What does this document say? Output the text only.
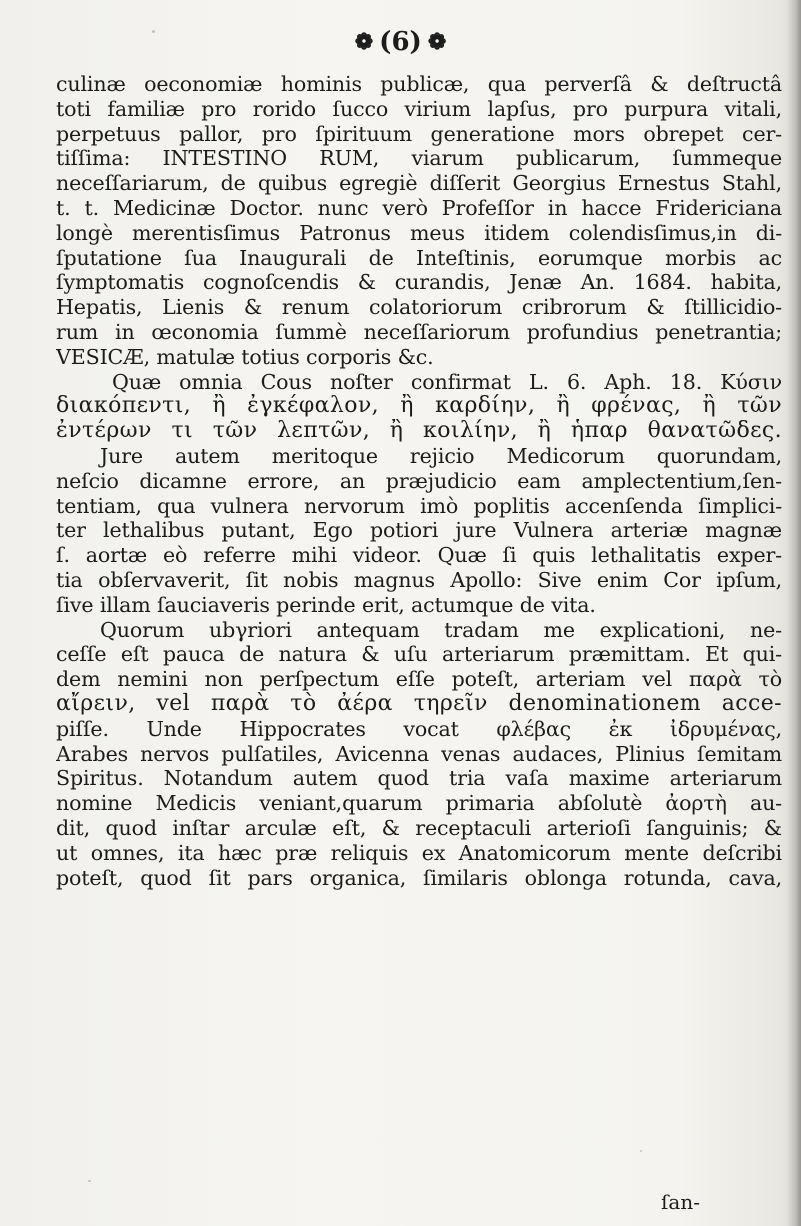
❁ (6) ❁
culinæ oeconomiæ hominis publicæ, qua perverſâ & deſtructâ
toti familiæ pro rorido ſucco virium lapſus, pro purpura vitali,
perpetuus pallor, pro ſpirituum generatione mors obrepet cer-
tiſſima: INTESTINO RUM, viarum publicarum, ſummeque
neceſſariarum, de quibus egregiè diſſerit Georgius Ernestus Stahl,
t. t. Medicinæ Doctor. nunc verò Profeſſor in hacce Fridericiana
longè merentisſimus Patronus meus itidem colendisſimus,in di-
ſputatione ſua Inaugurali de Inteſtinis, eorumque morbis ac
ſymptomatis cognoſcendis & curandis, Jenæ An. 1684. habita,
Hepatis, Lienis & renum colatoriorum cribrorum & ſtillicidio-
rum in œconomia ſummè neceſſariorum profundius penetrantia;
VESICÆ, matulæ totius corporis &c.
Quæ omnia Cous noſter confirmat L. 6. Aph. 18. Κύσιν
διακόπεντι, ἢ ἐγκέφαλον, ἢ καρδίην, ἢ φρένας, ἢ τῶν
ἐντέρων τι τῶν λεπτῶν, ἢ κοιλίην, ἢ ἧπαρ θανατῶδες.
Jure autem meritoque rejicio Medicorum quorundam,
neſcio dicamne errore, an præjudicio eam amplectentium,ſen-
tentiam, qua vulnera nervorum imò poplitis accenſenda ſimplici-
ter lethalibus putant, Ego potiori jure Vulnera arteriæ magnæ
ſ. aortæ eò referre mihi videor. Quæ ſi quis lethalitatis exper-
tia obſervaverit, ſit nobis magnus Apollo: Sive enim Cor ipſum,
ſive illam ſauciaveris perinde erit, actumque de vita.
Quorum ubγriori antequam tradam me explicationi, ne-
ceſſe eſt pauca de natura & uſu arteriarum præmittam. Et qui-
dem nemini non perſpectum eſſe poteſt, arteriam vel παρὰ τὸ
αἴρειν, vel παρὰ τὸ ἀέρα τηρεῖν denominationem acce-
piſſe. Unde Hippocrates vocat φλέβας ἐκ ἰδρυμένας,
Arabes nervos pulſatiles, Avicenna venas audaces, Plinius ſemitam
Spiritus. Notandum autem quod tria vaſa maxime arteriarum
nomine Medicis veniant,quarum primaria abſolutè ἀορτὴ au-
dit, quod inſtar arculæ eſt, & receptaculi arterioſi ſanguinis; &
ut omnes, ita hæc præ reliquis ex Anatomicorum mente deſcribi
poteſt, quod ſit pars organica, ſimilaris oblonga rotunda, cava,
ſan-
